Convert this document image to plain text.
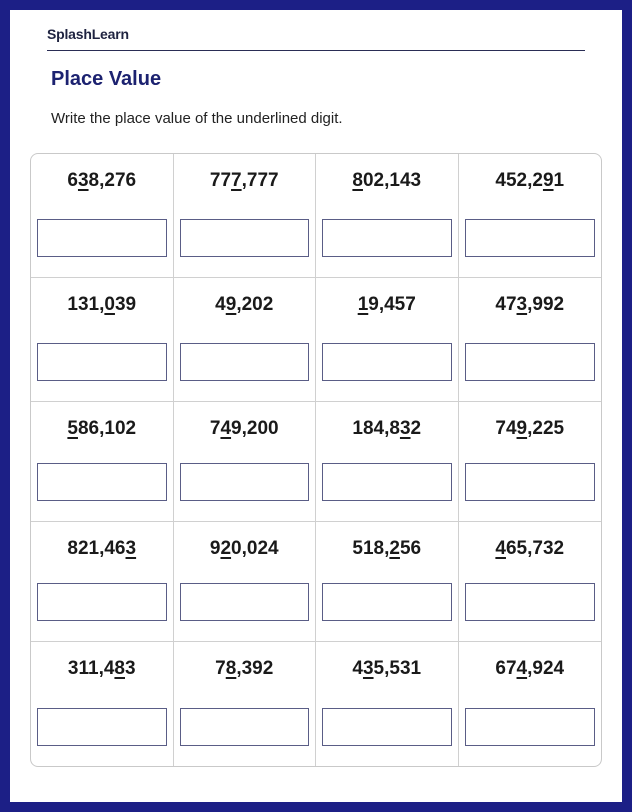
SplashLearn
Place Value
Write the place value of the underlined digit.
638,276	777,777	802,143	452,291
131,039	49,202	19,457	473,992
586,102	749,200	184,832	749,225
821,463	920,024	518,256	465,732
311,483	78,392	435,531	674,924
